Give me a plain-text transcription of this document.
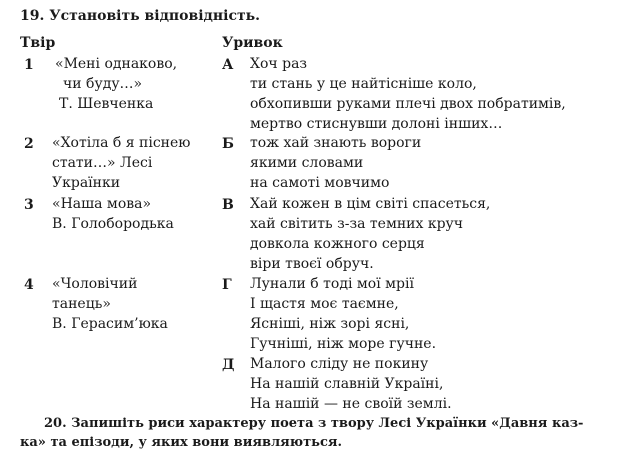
19. Установіть відповідність.
Твір	Уривок
1 «Мені однаково,
чи буду…»
Т. Шевченка
2 «Хотіла б я піснею
стати…» Лесі
Українки
3 «Наша мова»
В. Голобородька
4 «Чоловічий
танець»
В. Герасим’юка
А Хоч раз
ти стань у це найтісніше коло,
обхопивши руками плечі двох побратимів,
мертво стиснувши долоні інших…
Б тож хай знають вороги
якими словами
на самоті мовчимо
В Хай кожен в цім світі спасеться,
хай світить з-за темних круч
довкола кожного серця
віри твоєї обруч.
Г Лунали б тоді мої мрії
І щастя моє таємне,
Ясніші, ніж зорі ясні,
Гучніші, ніж море гучне.
Д Малого сліду не покину
На нашій славній Україні,
На нашій — не своїй землі.
20. Запишіть риси характеру поета з твору Лесі Українки «Давня каз-
ка» та епізоди, у яких вони виявляються.
